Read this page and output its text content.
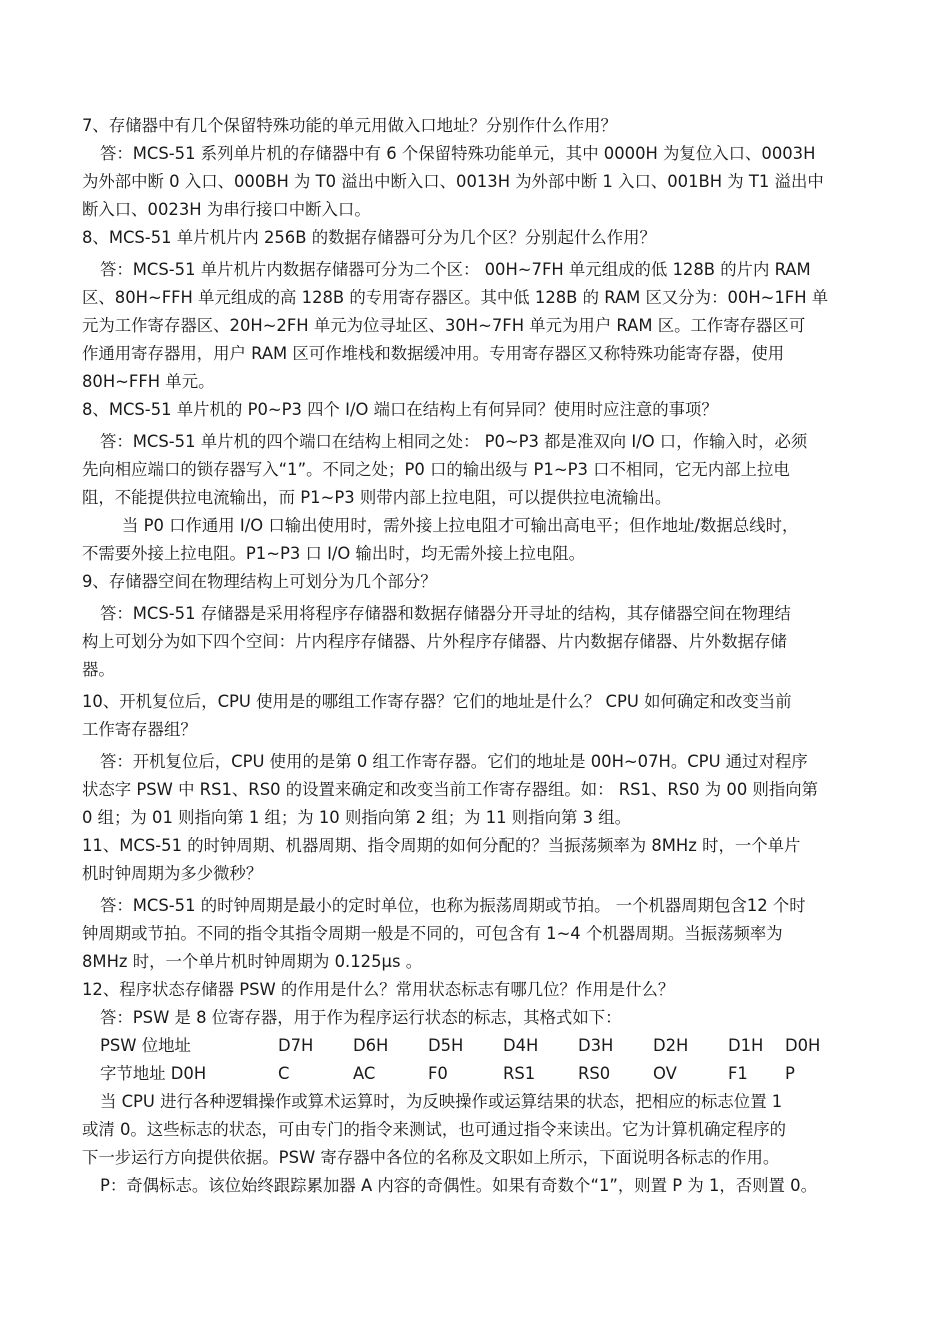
7、存储器中有几个保留特殊功能的单元用做入口地址？分别作什么作用？
答：MCS-51 系列单片机的存储器中有 6 个保留特殊功能单元，其中 0000H 为复位入口、0003H
为外部中断 0 入口、000BH 为 T0 溢出中断入口、0013H 为外部中断 1 入口、001BH 为 T1 溢出中
断入口、0023H 为串行接口中断入口。
8、MCS-51 单片机片内 256B 的数据存储器可分为几个区？分别起什么作用？
答：MCS-51 单片机片内数据存储器可分为二个区： 00H~7FH 单元组成的低 128B 的片内 RAM
区、80H~FFH 单元组成的高 128B 的专用寄存器区。其中低 128B 的 RAM 区又分为：00H~1FH 单
元为工作寄存器区、20H~2FH 单元为位寻址区、30H~7FH 单元为用户 RAM 区。工作寄存器区可
作通用寄存器用，用户 RAM 区可作堆栈和数据缓冲用。专用寄存器区又称特殊功能寄存器，使用
80H~FFH 单元。
8、MCS-51 单片机的 P0~P3 四个 I/O 端口在结构上有何异同？使用时应注意的事项？
答：MCS-51 单片机的四个端口在结构上相同之处： P0~P3 都是准双向 I/O 口，作输入时，必须
先向相应端口的锁存器写入“1”。不同之处；P0 口的输出级与 P1~P3 口不相同，它无内部上拉电
阻，不能提供拉电流输出，而 P1~P3 则带内部上拉电阻，可以提供拉电流输出。
当 P0 口作通用 I/O 口输出使用时，需外接上拉电阻才可输出高电平；但作地址/数据总线时，
不需要外接上拉电阻。P1~P3 口 I/O 输出时，均无需外接上拉电阻。
9、存储器空间在物理结构上可划分为几个部分？
答：MCS-51 存储器是采用将程序存储器和数据存储器分开寻址的结构，其存储器空间在物理结
构上可划分为如下四个空间：片内程序存储器、片外程序存储器、片内数据存储器、片外数据存储
器。
10、开机复位后，CPU 使用是的哪组工作寄存器？它们的地址是什么？ CPU 如何确定和改变当前
工作寄存器组？
答：开机复位后，CPU 使用的是第 0 组工作寄存器。它们的地址是 00H~07H。CPU 通过对程序
状态字 PSW 中 RS1、RS0 的设置来确定和改变当前工作寄存器组。如： RS1、RS0 为 00 则指向第
0 组；为 01 则指向第 1 组；为 10 则指向第 2 组；为 11 则指向第 3 组。
11、MCS-51 的时钟周期、机器周期、指令周期的如何分配的？当振荡频率为 8MHz 时，一个单片
机时钟周期为多少微秒？
答：MCS-51 的时钟周期是最小的定时单位，也称为振荡周期或节拍。 一个机器周期包含12 个时
钟周期或节拍。不同的指令其指令周期一般是不同的，可包含有 1~4 个机器周期。当振荡频率为
8MHz 时，一个单片机时钟周期为 0.125μs 。
12、程序状态存储器 PSW 的作用是什么？常用状态标志有哪几位？作用是什么？
答：PSW 是 8 位寄存器，用于作为程序运行状态的标志，其格式如下：
PSW 位地址	D7H	D6H	D5H	D4H	D3H	D2H	D1H	D0H
字节地址 D0H	C	AC	F0	RS1	RS0	OV	F1	P
当 CPU 进行各种逻辑操作或算术运算时，为反映操作或运算结果的状态，把相应的标志位置 1
或清 0。这些标志的状态，可由专门的指令来测试，也可通过指令来读出。它为计算机确定程序的
下一步运行方向提供依据。PSW 寄存器中各位的名称及文职如上所示，下面说明各标志的作用。
P：奇偶标志。该位始终跟踪累加器 A 内容的奇偶性。如果有奇数个“1”，则置 P 为 1，否则置 0。
